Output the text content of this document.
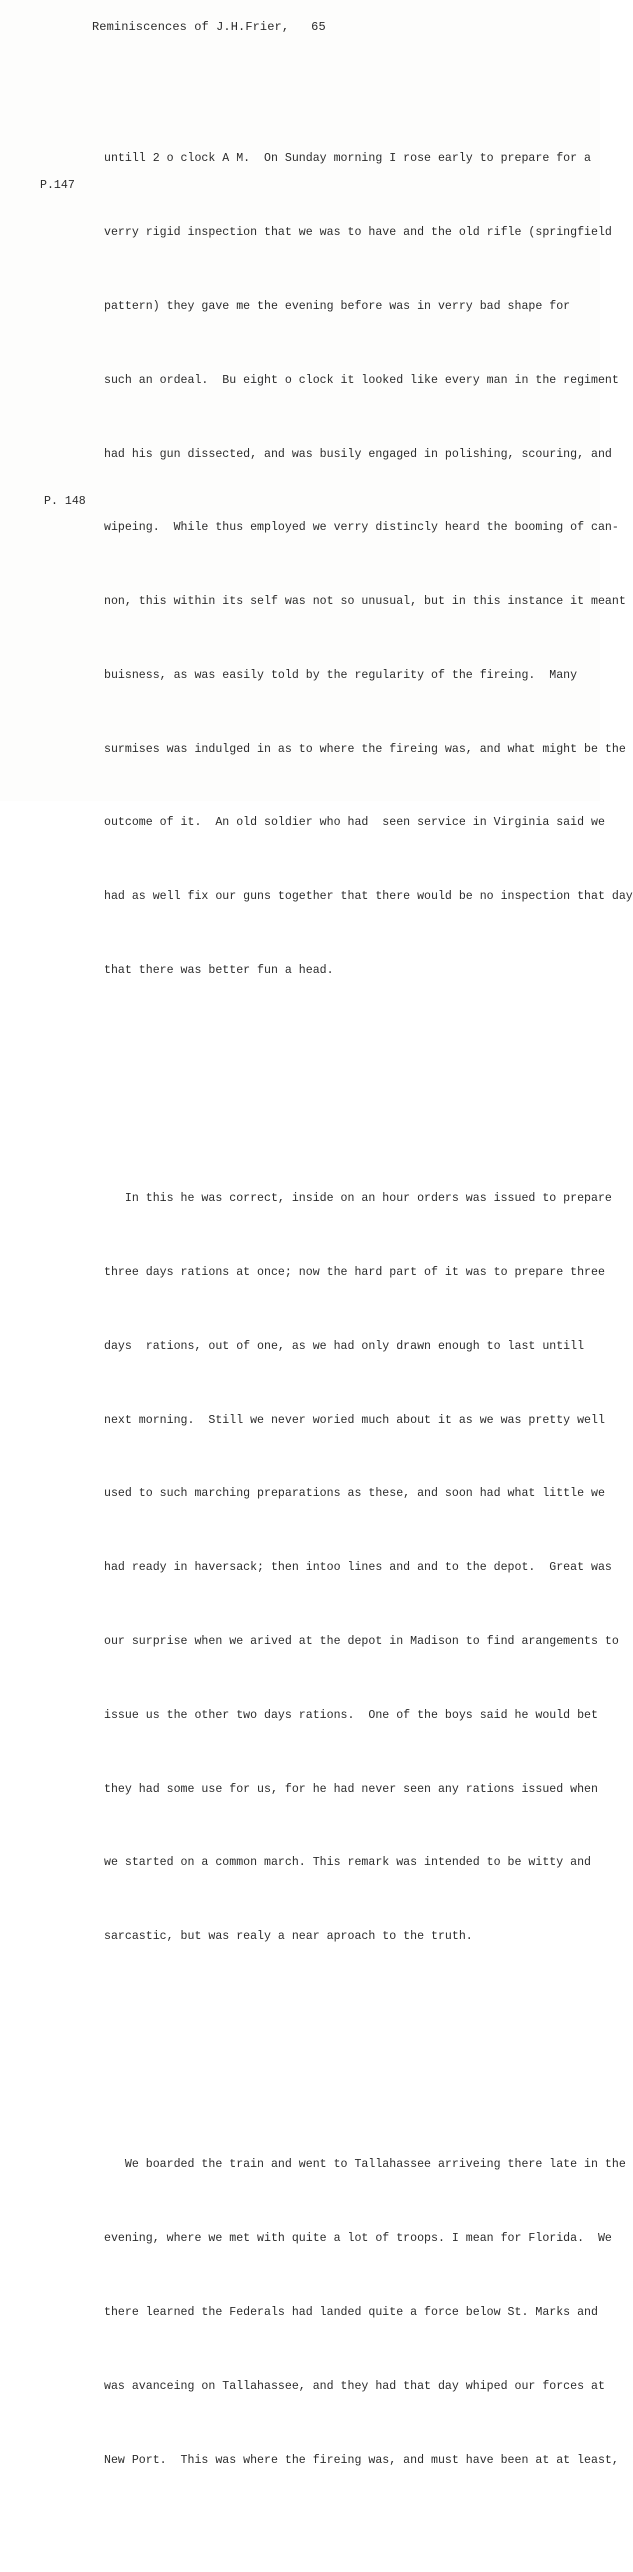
Reminiscences of J.H.Frier, 65
P.147
P. 148

untill 2 o clock A M.  On Sunday morning I rose early to prepare for a

verry rigid inspection that we was to have and the old rifle (springfield

pattern) they gave me the evening before was in verry bad shape for

such an ordeal.  Bu eight o clock it looked like every man in the regiment

had his gun dissected, and was busily engaged in polishing, scouring, and

wipeing.  While thus employed we verry distincly heard the booming of can-

non, this within its self was not so unusual, but in this instance it meant

buisness, as was easily told by the regularity of the fireing.  Many

surmises was indulged in as to where the fireing was, and what might be the

outcome of it.  An old soldier who had  seen service in Virginia said we

had as well fix our guns together that there would be no inspection that day

that there was better fun a head.

In this he was correct, inside on an hour orders was issued to prepare

three days rations at once; now the hard part of it was to prepare three

days  rations, out of one, as we had only drawn enough to last untill

next morning.  Still we never woried much about it as we was pretty well

used to such marching preparations as these, and soon had what little we

had ready in haversack; then intoo lines and and to the depot.  Great was

our surprise when we arived at the depot in Madison to find arangements to

issue us the other two days rations.  One of the boys said he would bet

they had some use for us, for he had never seen any rations issued when

we started on a common march. This remark was intended to be witty and

sarcastic, but was realy a near aproach to the truth.

We boarded the train and went to Tallahassee arriveing there late in the

evening, where we met with quite a lot of troops. I mean for Florida.  We

there learned the Federals had landed quite a force below St. Marks and

was avanceing on Tallahassee, and they had that day whiped our forces at

New Port.  This was where the fireing was, and must have been at at least,
